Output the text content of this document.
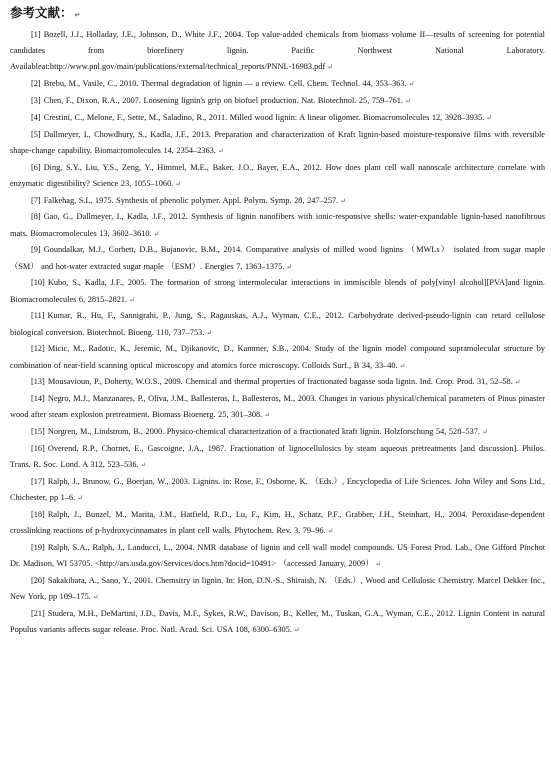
参考文献： ↵

[1] Bozell, J.J., Holladay, J.E., Johnson, D., White J.F., 2004. Top value-added chemicals from biomass volume II—results of screening for potential candidates from biorefinery lignin. Pacific Northwest National Laboratory. Availableat:http://www.pnl.gov/main/publications/external/technical_reports/PNNL-16983.pdf ↵

[2] Brebu, M., Vasile, C., 2010. Thermal degradation of lignin — a review. Cell. Chem. Technol. 44, 353–363. ↵

[3] Chen, F., Dixon, R.A., 2007. Loosening lignin's grip on biofuel production. Nat. Biotechnol. 25, 759–761. ↵

[4] Crestini, C., Melone, F., Sette, M., Saladino, R., 2011. Milled wood lignin: A linear oligomer. Biomacromolecules 12, 3928–3935. ↵

[5] Dallmeyer, I., Chowdhury, S., Kadla, J.F., 2013. Preparation and characterization of Kraft lignin-based moisture-responsive films with reversible shape-change capability. Biomacromolecules 14, 2354–2363. ↵

[6] Ding, S.Y., Liu, Y.S., Zeng, Y., Himmel, M.E., Baker, J.O., Bayer, E.A., 2012. How does plant cell wall nanoscale architecture correlate with enzymatic digestibility? Science 23, 1055–1060. ↵

[7] Falkehag, S.I., 1975. Synthesis of phenolic polymer. Appl. Polym. Symp. 28, 247–257. ↵

[8] Gao, G., Dallmeyer, I., Kadla, J.F., 2012. Synthesis of lignin nanofibers with ionic-responsive shells: water-expandable lignin-based nanofibrous mats. Biomacromolecules 13, 3602–3610. ↵

[9] Goundalkar, M.J., Corbett, D.B., Bujanovic, B.M., 2014. Comparative analysis of milled wood lignins （MWLs） isolated from sugar maple （SM） and hot-water extracted sugar maple （ESM）. Energies 7, 1363–1375. ↵

[10] Kubo, S., Kadla, J.F., 2005. The formation of strong intermolecular interactions in immiscible blends of poly[vinyl alcohol][PVA]and lignin. Biomacromolecules 6, 2815–2821. ↵

[11] Kumar, R., Hu, F., Sannigrahi, P., Jung, S., Ragauskas, A.J., Wyman, C.E., 2012. Carbohydrate derived-pseudo-lignin can retard cellulose biological conversion. Biotechnol. Bioeng. 110, 737–753. ↵

[12] Micic, M., Radotic, K., Jeremic, M., Djikanovic, D., Kammer, S.B., 2004. Study of the lignin model compound supramolecular structure by combination of near-field scanning optical microscopy and atomics force microscopy. Colloids Surf., B 34, 33–40. ↵

[13] Mousavioun, P., Doherty, W.O.S., 2009. Chemical and thermal properties of fractionated bagasse soda lignin. Ind. Crop. Prod. 31, 52–58. ↵

[14] Negro, M.J., Manzanares, P., Oliva, J.M., Ballesteros, I., Ballesteros, M., 2003. Changes in various physical/chemical parameters of Pinus pinaster wood after steam explosion pretreatment. Biomass Bioenerg. 25, 301–308. ↵

[15] Norgren, M., Lindstrom, B., 2000. Physico-chemical characterization of a fractionated kraft lignin. Holzforschung 54, 528–537. ↵

[16] Overend, R.P., Chornet, E., Gascoigne, J.A., 1987. Fractionation of lignocellulosics by steam aqueous pretreatments [and discussion]. Philos. Trans. R. Soc. Lond. A 312, 523–536. ↵

[17] Ralph, J., Brunow, G., Boerjan, W., 2003. Lignins. in: Rose, F., Osborne, K. （Eds.）, Encyclopedia of Life Sciences. John Wiley and Sons Ltd., Chichester, pp 1–6. ↵

[18] Ralph, J., Bunzel, M., Marita, J.M., Hatfield, R.D., Lu, F., Kim, H., Schatz, P.F., Grabber, J.H., Steinhart, H., 2004. Peroxidase-dependent crosslinking reactions of p-hydroxycinnamates in plant cell walls. Phytochem. Rev. 3, 79–96. ↵

[19] Ralph, S.A., Ralph, J., Landucci, L., 2004. NMR database of lignin and cell wall model compounds. US Forest Prod. Lab., One Gifford Pinchot Dr. Madison, WI 53705. <http://ars.usda.gov/Services/docs.htm?docid=10491> （accessed January, 2009） ↵

[20] Sakakibara, A., Sano, Y., 2001. Chemsitry in lignin. In: Hon, D.N.-S., Shiraish, N. （Eds.）, Wood and Cellulosic Chemistry. Marcel Dekker Inc., New York, pp 109–175. ↵

[21] Studera, M.H., DeMartini, J.D., Davis, M.F., Sykes, R.W., Davison, B., Keller, M., Tuskan, G.A., Wyman, C.E., 2012. Lignin Content in natural Populus variants affects sugar release. Proc. Natl. Acad. Sci. USA 108, 6300–6305. ↵
